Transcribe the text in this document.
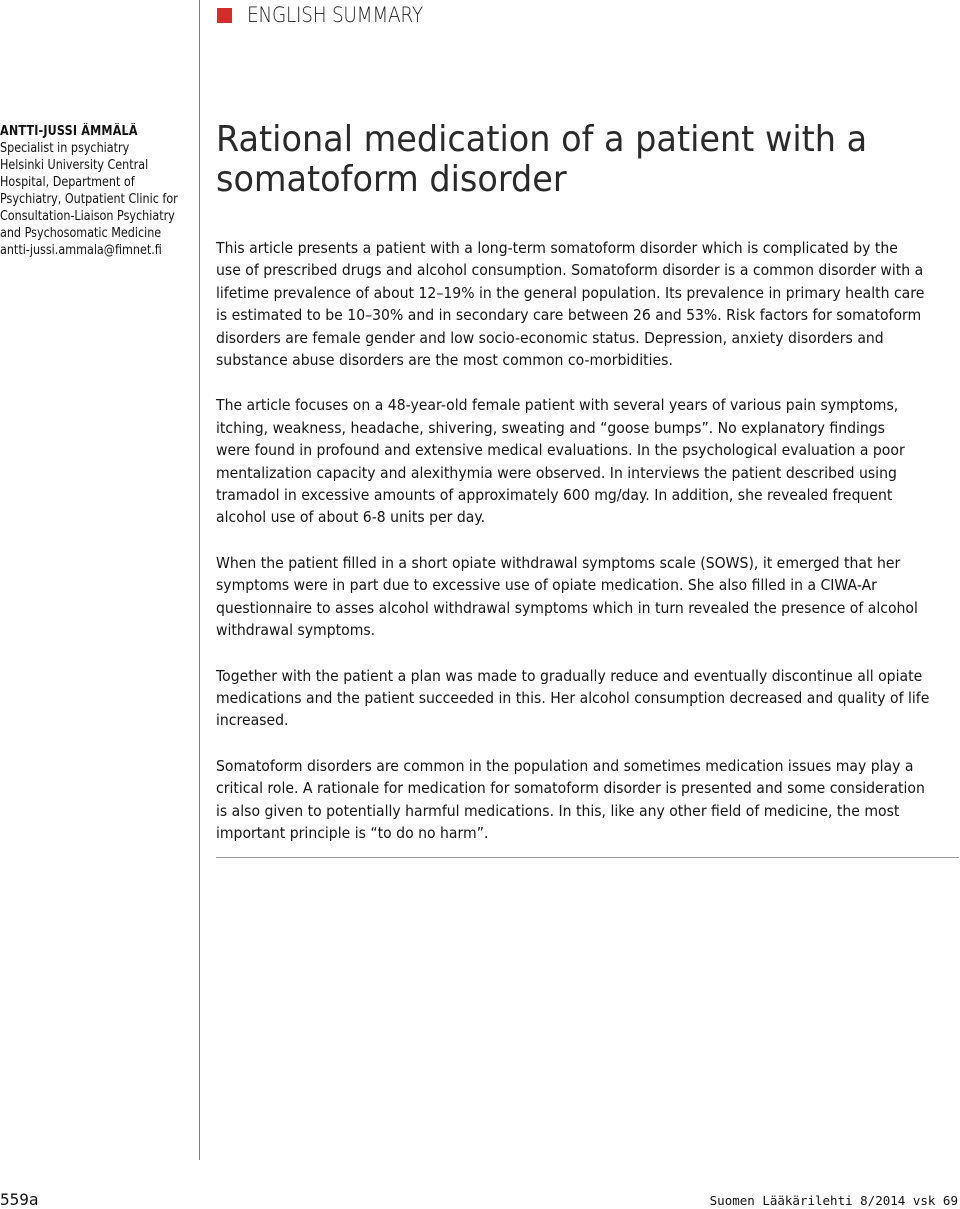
ENGLISH SUMMARY
ANTTI-JUSSI ÄMMÄLÄ
Specialist in psychiatry
Helsinki University Central
Hospital, Department of
Psychiatry, Outpatient Clinic for
Consultation-Liaison Psychiatry
and Psychosomatic Medicine
antti-jussi.ammala@fimnet.fi
Rational medication of a patient with a
somatoform disorder

This article presents a patient with a long-term somatoform disorder which is complicated by the
use of prescribed drugs and alcohol consumption. Somatoform disorder is a common disorder with a
lifetime prevalence of about 12–19% in the general population. Its prevalence in primary health care
is estimated to be 10–30% and in secondary care between 26 and 53%. Risk factors for somatoform
disorders are female gender and low socio-economic status. Depression, anxiety disorders and
substance abuse disorders are the most common co-morbidities.

The article focuses on a 48-year-old female patient with several years of various pain symptoms,
itching, weakness, headache, shivering, sweating and “goose bumps”. No explanatory findings
were found in profound and extensive medical evaluations. In the psychological evaluation a poor
mentalization capacity and alexithymia were observed. In interviews the patient described using
tramadol in excessive amounts of approximately 600 mg/day. In addition, she revealed frequent
alcohol use of about 6-8 units per day.

When the patient filled in a short opiate withdrawal symptoms scale (SOWS), it emerged that her
symptoms were in part due to excessive use of opiate medication. She also filled in a CIWA-Ar
questionnaire to asses alcohol withdrawal symptoms which in turn revealed the presence of alcohol
withdrawal symptoms.

Together with the patient a plan was made to gradually reduce and eventually discontinue all opiate
medications and the patient succeeded in this. Her alcohol consumption decreased and quality of life
increased.

Somatoform disorders are common in the population and sometimes medication issues may play a
critical role. A rationale for medication for somatoform disorder is presented and some consideration
is also given to potentially harmful medications. In this, like any other field of medicine, the most
important principle is “to do no harm”.

559a	Suomen Lääkärilehti 8/2014 vsk 69
